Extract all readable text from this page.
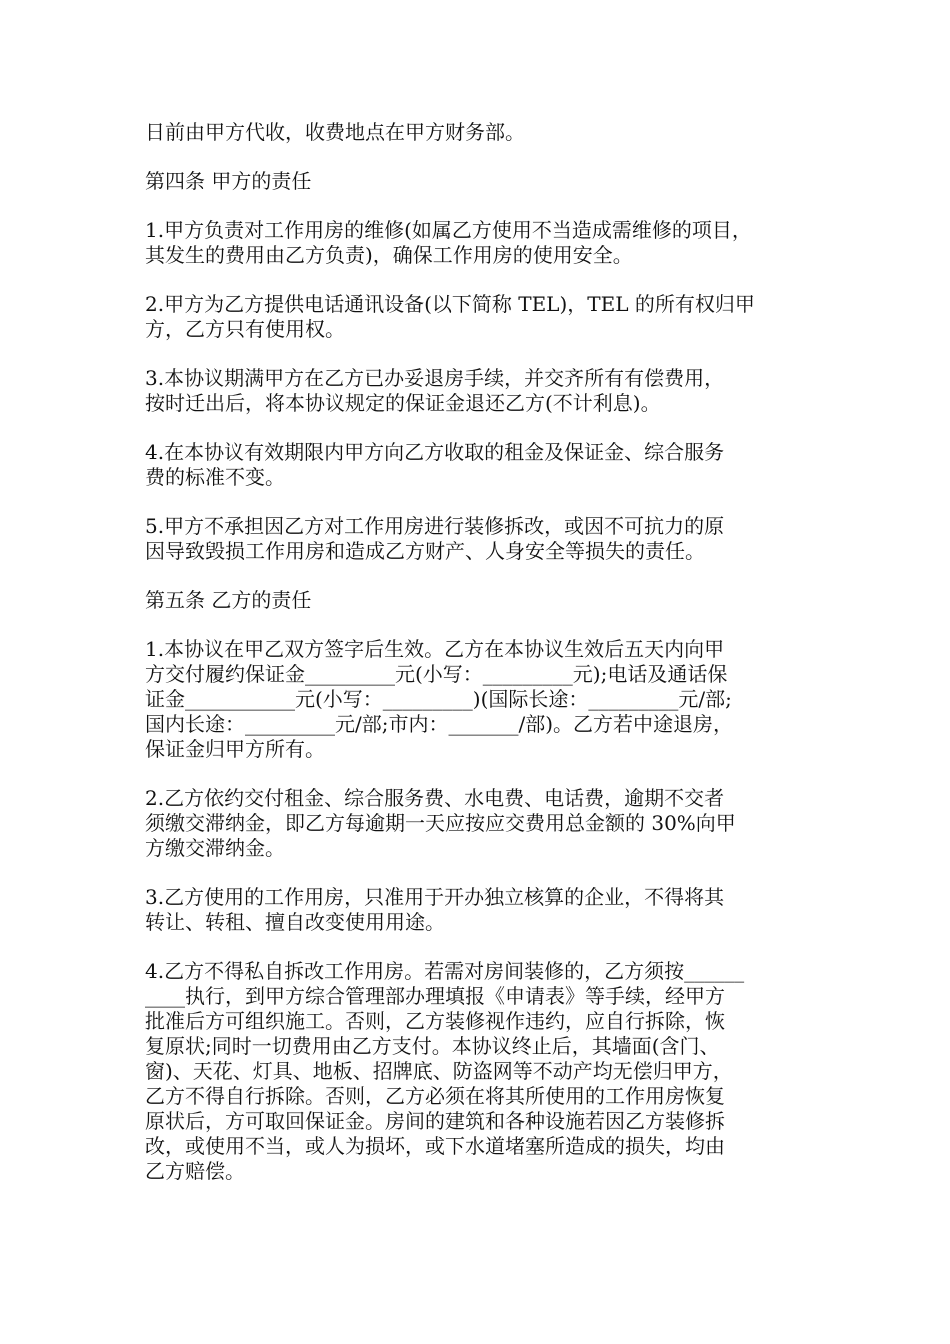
日前由甲方代收，收费地点在甲方财务部。
第四条 甲方的责任
1.甲方负责对工作用房的维修(如属乙方使用不当造成需维修的项目，
其发生的费用由乙方负责)，确保工作用房的使用安全。
2.甲方为乙方提供电话通讯设备(以下简称 TEL)，TEL 的所有权归甲
方，乙方只有使用权。
3.本协议期满甲方在乙方已办妥退房手续，并交齐所有有偿费用，
按时迁出后，将本协议规定的保证金退还乙方(不计利息)。
4.在本协议有效期限内甲方向乙方收取的租金及保证金、综合服务
费的标准不变。
5.甲方不承担因乙方对工作用房进行装修拆改，或因不可抗力的原
因导致毁损工作用房和造成乙方财产、人身安全等损失的责任。
第五条 乙方的责任
1.本协议在甲乙双方签字后生效。乙方在本协议生效后五天内向甲
方交付履约保证金_________元(小写：_________元);电话及通话保
证金___________元(小写：_________)(国际长途：_________元/部;
国内长途：_________元/部;市内：_______/部)。乙方若中途退房，
保证金归甲方所有。
2.乙方依约交付租金、综合服务费、水电费、电话费，逾期不交者
须缴交滞纳金，即乙方每逾期一天应按应交费用总金额的 30%向甲
方缴交滞纳金。
3.乙方使用的工作用房，只准用于开办独立核算的企业，不得将其
转让、转租、擅自改变使用用途。
4.乙方不得私自拆改工作用房。若需对房间装修的，乙方须按______
____执行，到甲方综合管理部办理填报《申请表》等手续，经甲方
批准后方可组织施工。否则，乙方装修视作违约，应自行拆除，恢
复原状;同时一切费用由乙方支付。本协议终止后，其墙面(含门、
窗)、天花、灯具、地板、招牌底、防盗网等不动产均无偿归甲方，
乙方不得自行拆除。否则，乙方必须在将其所使用的工作用房恢复
原状后，方可取回保证金。房间的建筑和各种设施若因乙方装修拆
改，或使用不当，或人为损坏，或下水道堵塞所造成的损失，均由
乙方赔偿。
